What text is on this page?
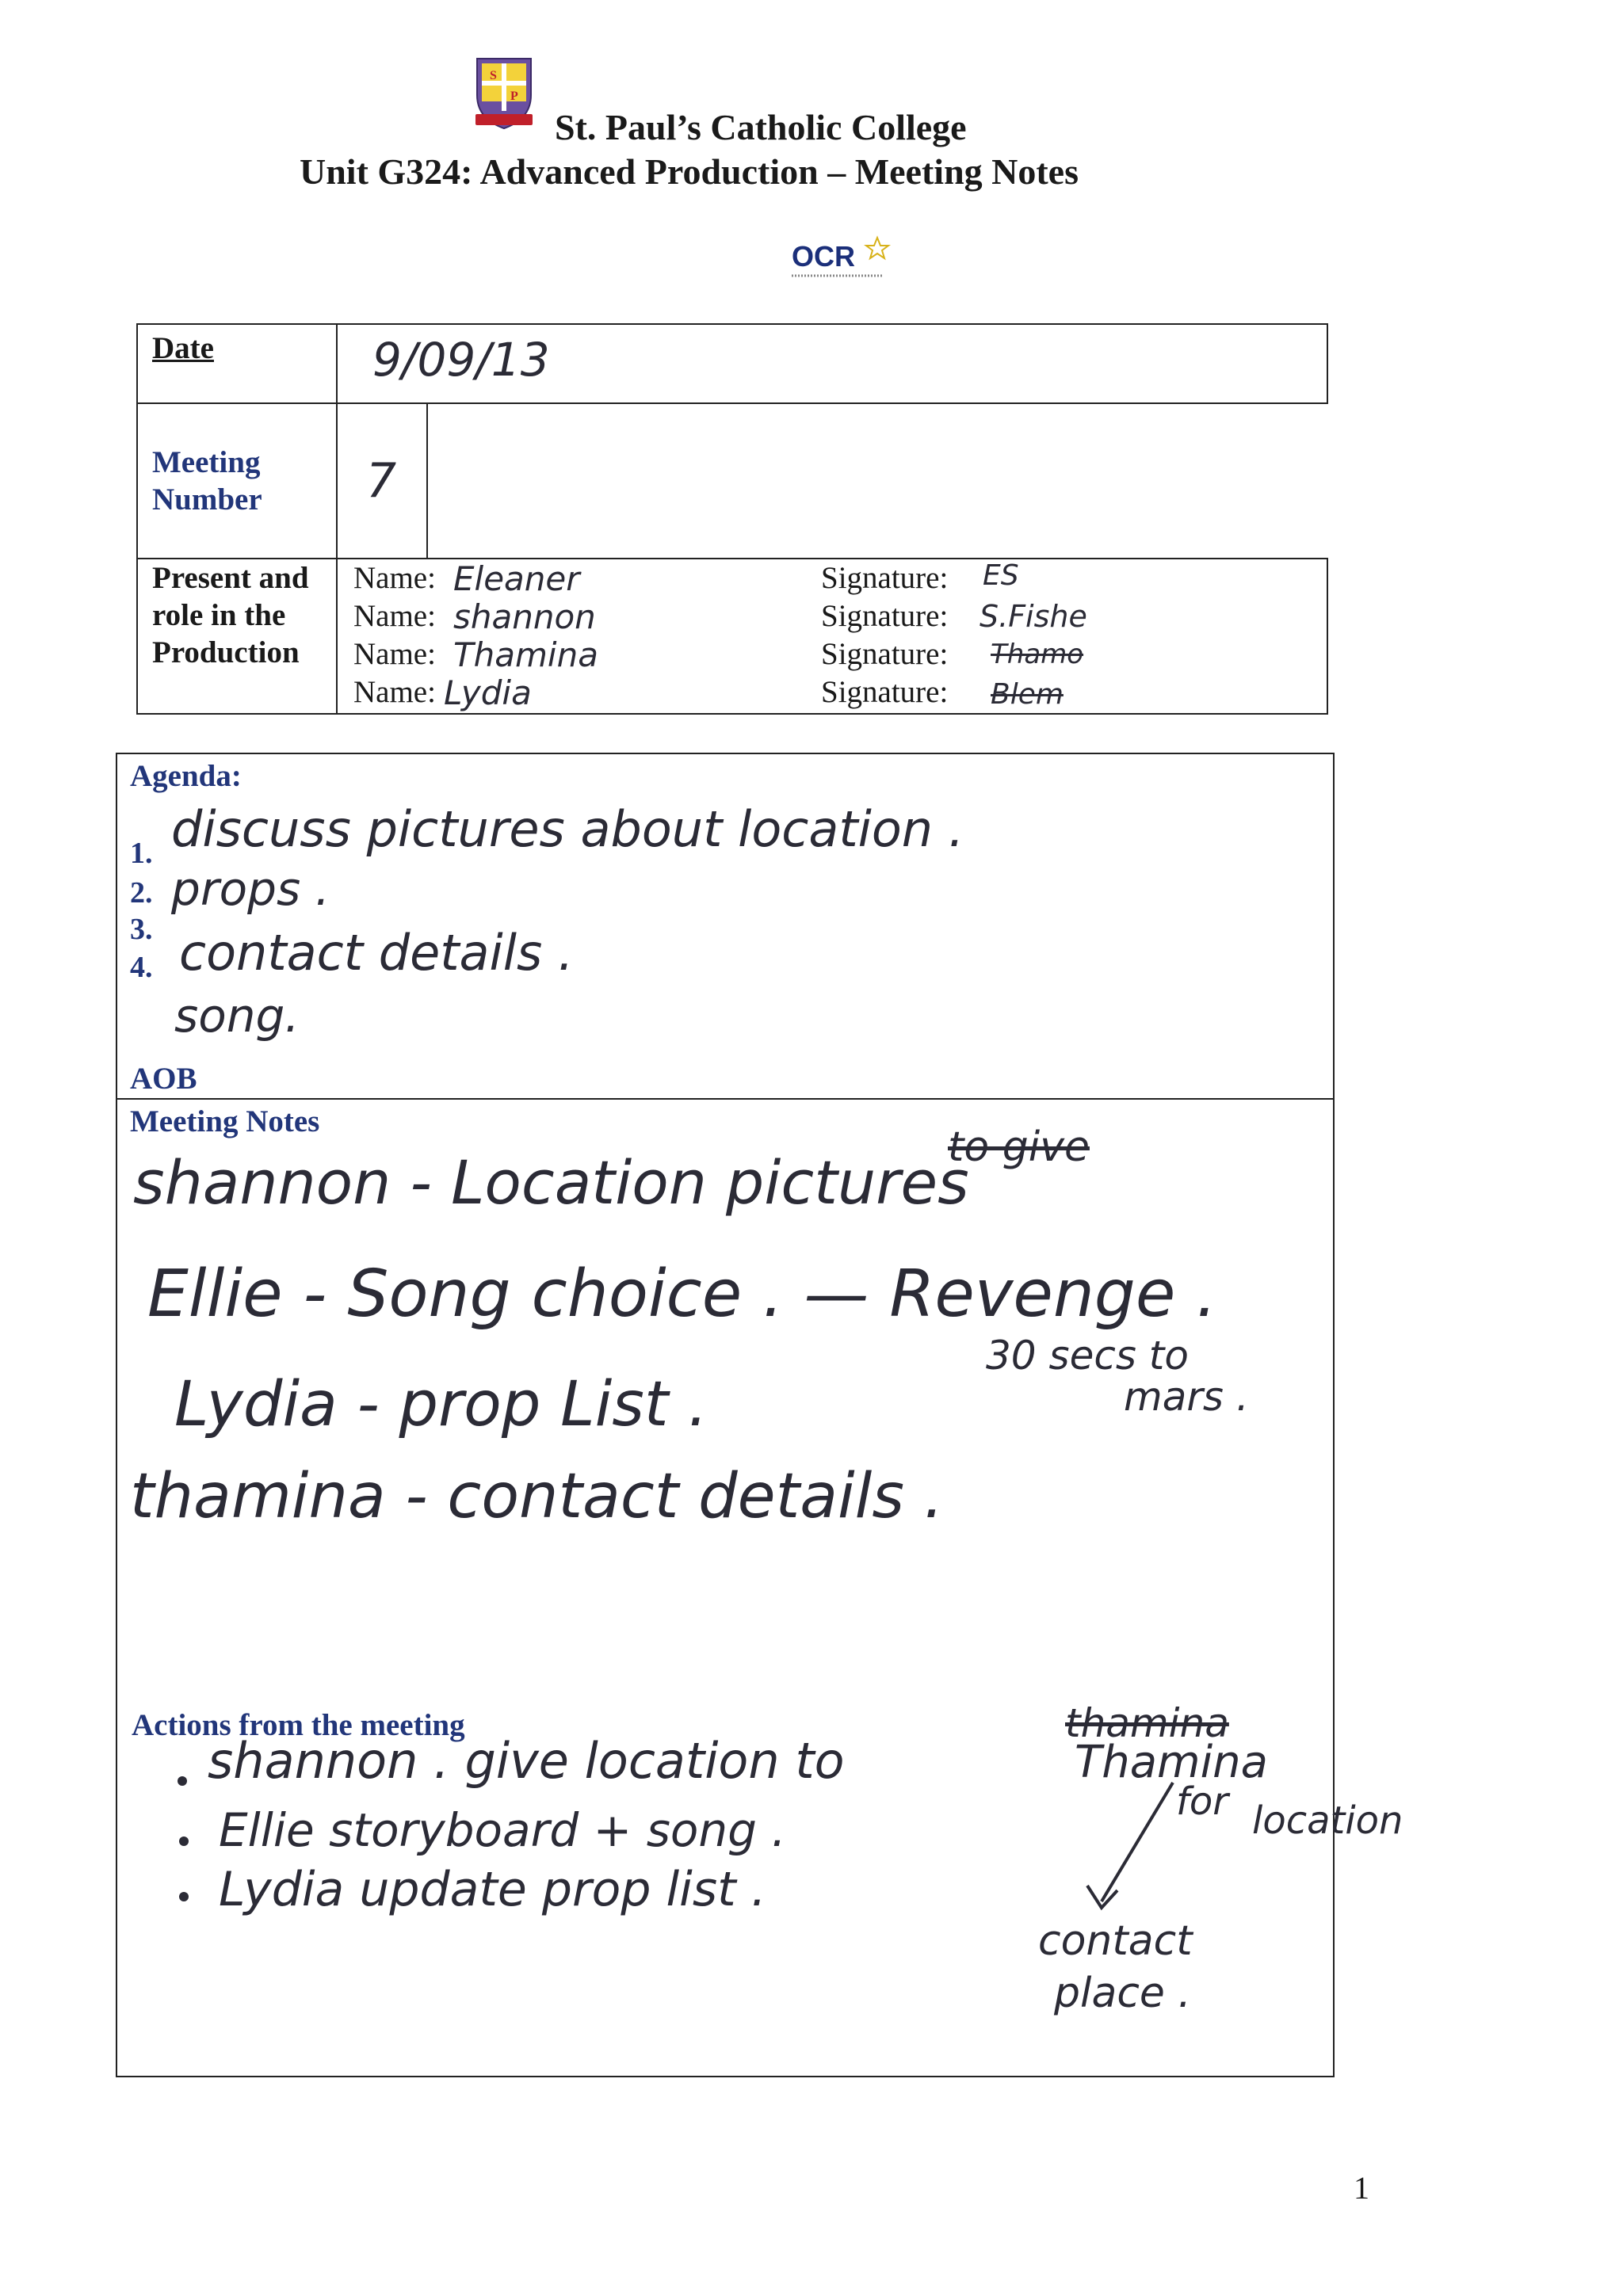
S
P
St. Paul’s Catholic College
Unit G324: Advanced Production – Meeting Notes
OCR
Date	9/09/13
Meeting Number	7
Present and role in the Production
Name:
Name:
Name:
Name:
Eleaner
shannon
Thamina
Lydia
Signature:
Signature:
Signature:
Signature:
ES
S.Fishe
Thamo
Blem
Agenda:
1.
2.
3.
4.
discuss pictures about location .
props .
contact details .
song.
AOB
Meeting Notes
shannon - Location pictures
to give
Ellie - Song choice . — Revenge .
30 secs to
mars .
Lydia - prop List .
thamina - contact details .
Actions from the meeting
shannon . give location to
thamina
Thamina
for location
Ellie storyboard + song .
Lydia update prop list .
contact
place .
1
